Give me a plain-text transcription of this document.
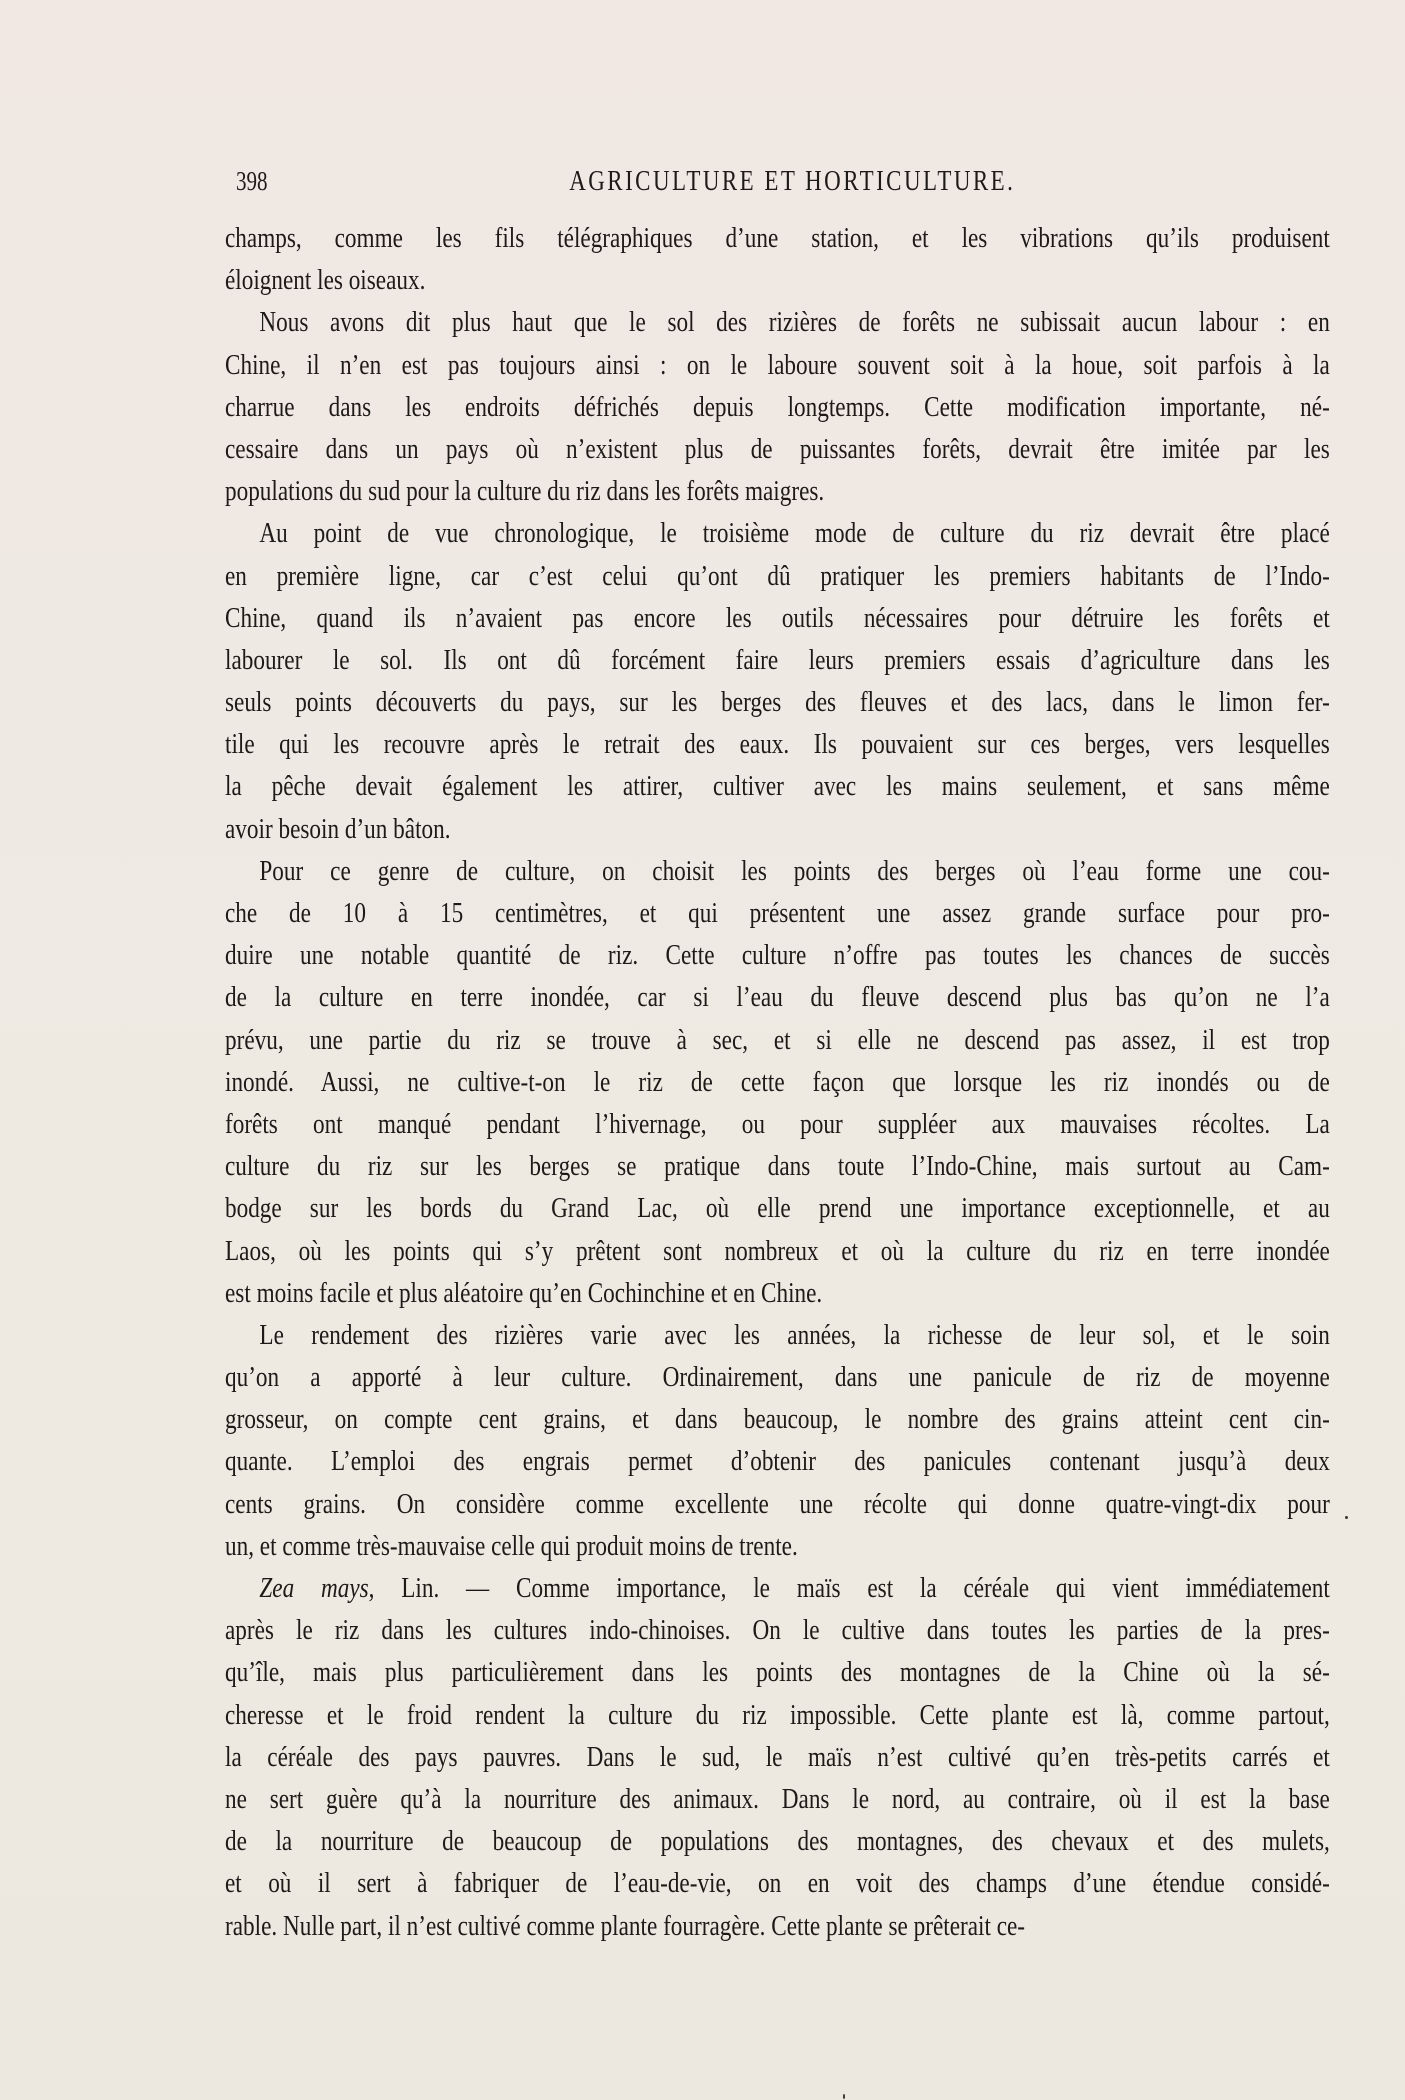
398	AGRICULTURE ET HORTICULTURE.
champs, comme les fils télégraphiques d’une station, et les vibrations qu’ils produisent
éloignent les oiseaux.
Nous avons dit plus haut que le sol des rizières de forêts ne subissait aucun labour : en
Chine, il n’en est pas toujours ainsi : on le laboure souvent soit à la houe, soit parfois à la
charrue dans les endroits défrichés depuis longtemps. Cette modification importante, né-
cessaire dans un pays où n’existent plus de puissantes forêts, devrait être imitée par les
populations du sud pour la culture du riz dans les forêts maigres.
Au point de vue chronologique, le troisième mode de culture du riz devrait être placé
en première ligne, car c’est celui qu’ont dû pratiquer les premiers habitants de l’Indo-
Chine, quand ils n’avaient pas encore les outils nécessaires pour détruire les forêts et
labourer le sol. Ils ont dû forcément faire leurs premiers essais d’agriculture dans les
seuls points découverts du pays, sur les berges des fleuves et des lacs, dans le limon fer-
tile qui les recouvre après le retrait des eaux. Ils pouvaient sur ces berges, vers lesquelles
la pêche devait également les attirer, cultiver avec les mains seulement, et sans même
avoir besoin d’un bâton.
Pour ce genre de culture, on choisit les points des berges où l’eau forme une cou-
che de 10 à 15 centimètres, et qui présentent une assez grande surface pour pro-
duire une notable quantité de riz. Cette culture n’offre pas toutes les chances de succès
de la culture en terre inondée, car si l’eau du fleuve descend plus bas qu’on ne l’a
prévu, une partie du riz se trouve à sec, et si elle ne descend pas assez, il est trop
inondé. Aussi, ne cultive-t-on le riz de cette façon que lorsque les riz inondés ou de
forêts ont manqué pendant l’hivernage, ou pour suppléer aux mauvaises récoltes. La
culture du riz sur les berges se pratique dans toute l’Indo-Chine, mais surtout au Cam-
bodge sur les bords du Grand Lac, où elle prend une importance exceptionnelle, et au
Laos, où les points qui s’y prêtent sont nombreux et où la culture du riz en terre inondée
est moins facile et plus aléatoire qu’en Cochinchine et en Chine.
Le rendement des rizières varie avec les années, la richesse de leur sol, et le soin
qu’on a apporté à leur culture. Ordinairement, dans une panicule de riz de moyenne
grosseur, on compte cent grains, et dans beaucoup, le nombre des grains atteint cent cin-
quante. L’emploi des engrais permet d’obtenir des panicules contenant jusqu’à deux
cents grains. On considère comme excellente une récolte qui donne quatre-vingt-dix pour
un, et comme très-mauvaise celle qui produit moins de trente.
Zea mays, Lin. — Comme importance, le maïs est la céréale qui vient immédiatement
après le riz dans les cultures indo-chinoises. On le cultive dans toutes les parties de la pres-
qu’île, mais plus particulièrement dans les points des montagnes de la Chine où la sé-
cheresse et le froid rendent la culture du riz impossible. Cette plante est là, comme partout,
la céréale des pays pauvres. Dans le sud, le maïs n’est cultivé qu’en très-petits carrés et
ne sert guère qu’à la nourriture des animaux. Dans le nord, au contraire, où il est la base
de la nourriture de beaucoup de populations des montagnes, des chevaux et des mulets,
et où il sert à fabriquer de l’eau-de-vie, on en voit des champs d’une étendue considé-
rable. Nulle part, il n’est cultivé comme plante fourragère. Cette plante se prêterait ce-
